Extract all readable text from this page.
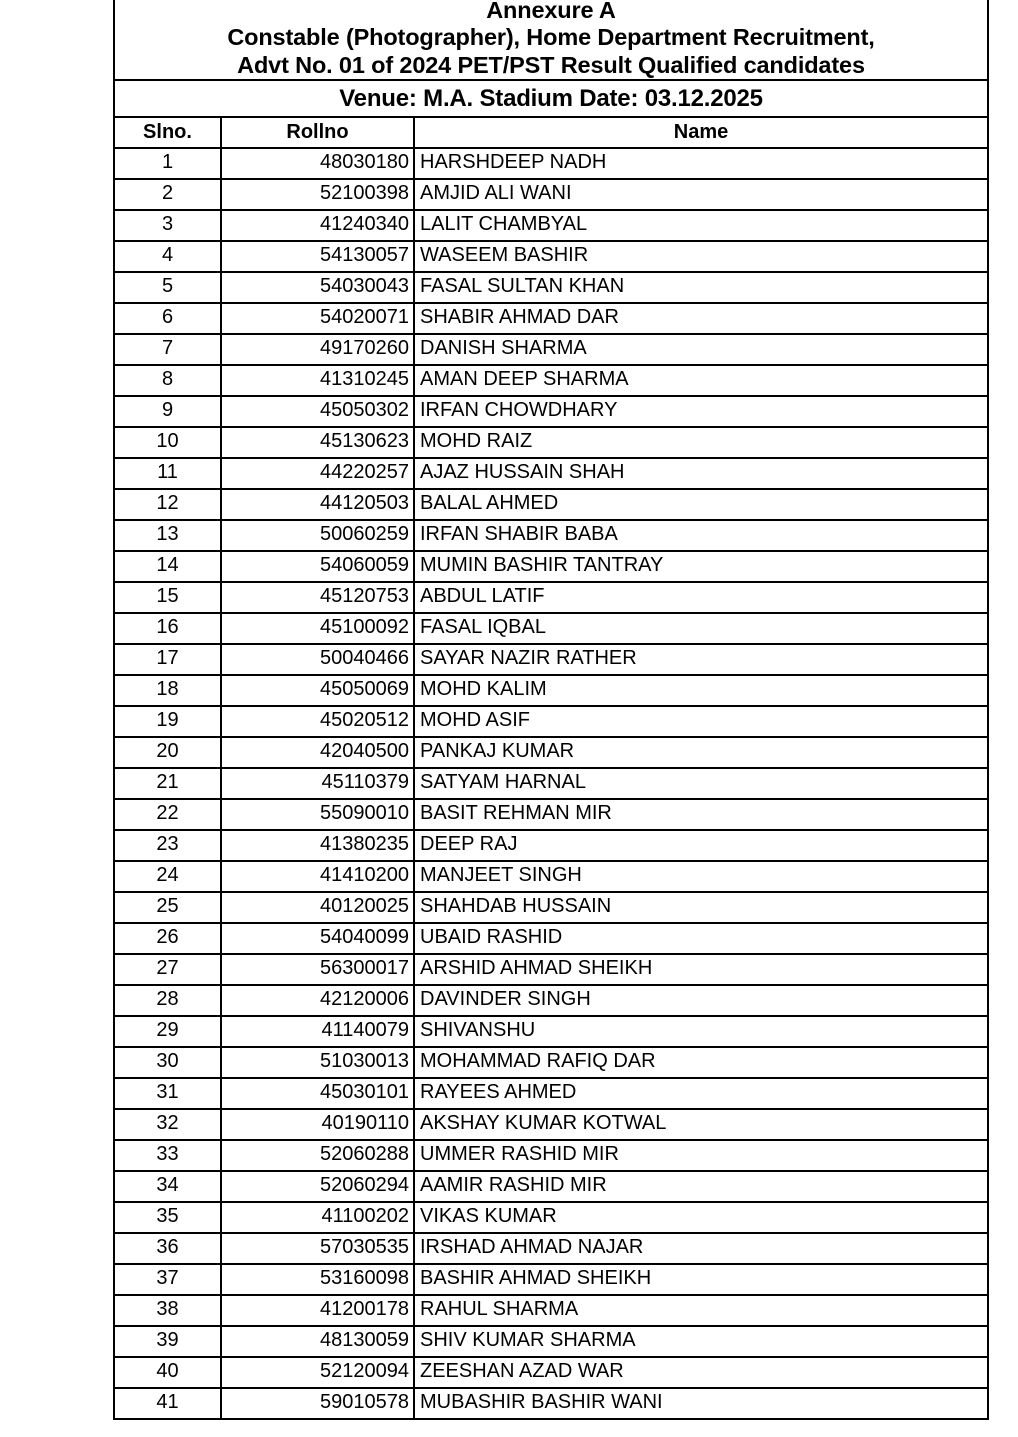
Annexure A
Constable (Photographer), Home Department Recruitment,
Advt No. 01 of 2024 PET/PST Result Qualified candidates		

Venue: M.A. Stadium Date: 03.12.2025		
Slno.	Rollno	Name
1	48030180	HARSHDEEP NADH
2	52100398	AMJID ALI WANI
3	41240340	LALIT CHAMBYAL
4	54130057	WASEEM BASHIR
5	54030043	FASAL SULTAN KHAN
6	54020071	SHABIR AHMAD DAR
7	49170260	DANISH SHARMA
8	41310245	AMAN DEEP SHARMA
9	45050302	IRFAN CHOWDHARY
10	45130623	MOHD RAIZ
11	44220257	AJAZ HUSSAIN SHAH
12	44120503	BALAL AHMED
13	50060259	IRFAN SHABIR BABA
14	54060059	MUMIN BASHIR TANTRAY
15	45120753	ABDUL LATIF
16	45100092	FASAL IQBAL
17	50040466	SAYAR NAZIR RATHER
18	45050069	MOHD KALIM
19	45020512	MOHD ASIF
20	42040500	PANKAJ KUMAR
21	45110379	SATYAM HARNAL
22	55090010	BASIT REHMAN MIR
23	41380235	DEEP RAJ
24	41410200	MANJEET SINGH
25	40120025	SHAHDAB HUSSAIN
26	54040099	UBAID RASHID
27	56300017	ARSHID AHMAD SHEIKH
28	42120006	DAVINDER SINGH
29	41140079	SHIVANSHU
30	51030013	MOHAMMAD RAFIQ DAR
31	45030101	RAYEES AHMED
32	40190110	AKSHAY KUMAR KOTWAL
33	52060288	UMMER RASHID MIR
34	52060294	AAMIR RASHID MIR
35	41100202	VIKAS KUMAR
36	57030535	IRSHAD AHMAD NAJAR
37	53160098	BASHIR AHMAD SHEIKH
38	41200178	RAHUL SHARMA
39	48130059	SHIV KUMAR SHARMA
40	52120094	ZEESHAN AZAD WAR
41	59010578	MUBASHIR BASHIR WANI
